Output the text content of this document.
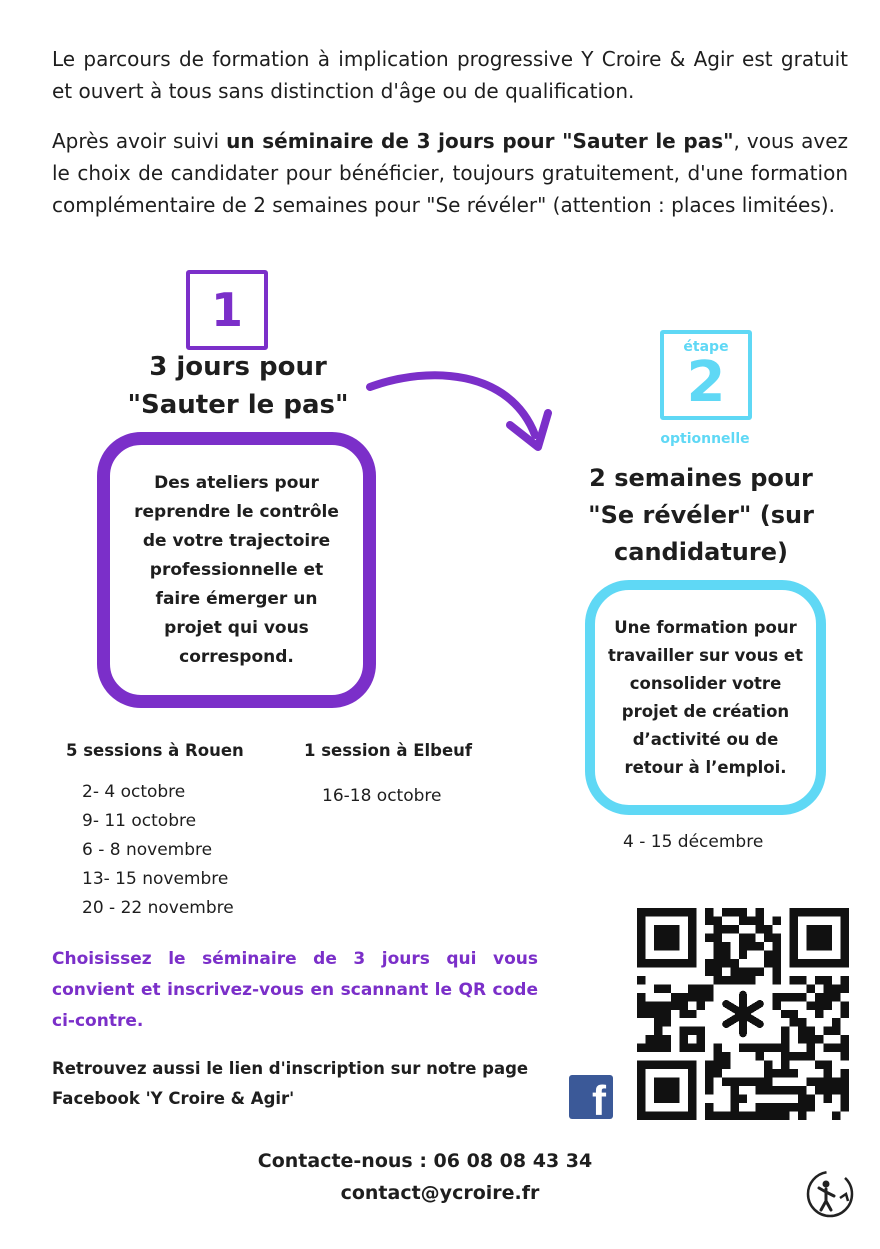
Le parcours de formation à implication progressive Y Croire & Agir est gratuit et ouvert à tous sans distinction d'âge ou de qualification.
Après avoir suivi un séminaire de 3 jours pour "Sauter le pas", vous avez le choix de candidater pour bénéficier, toujours gratuitement, d'une formation complémentaire de 2 semaines pour "Se révéler" (attention : places limitées).
1
3 jours pour
"Sauter le pas"
Des ateliers pour reprendre le contrôle de votre trajectoire professionnelle et faire émerger un projet qui vous correspond.
étape
2
optionnelle
2 semaines pour
"Se révéler" (sur
candidature)
Une formation pour travailler sur vous et consolider votre projet de création d’activité ou de retour à l’emploi.
4 - 15 décembre
5 sessions à Rouen
2- 4 octobre
9- 11 octobre
6 - 8 novembre
13- 15 novembre
20 - 22 novembre
1 session à Elbeuf
16-18 octobre
Choisissez le séminaire de 3 jours qui vous convient et inscrivez-vous en scannant le QR code ci-contre.
Retrouvez aussi le lien d'inscription sur notre page
Facebook 'Y Croire & Agir'	f
Contacte-nous : 06 08 08 43 34
contact@ycroire.fr
